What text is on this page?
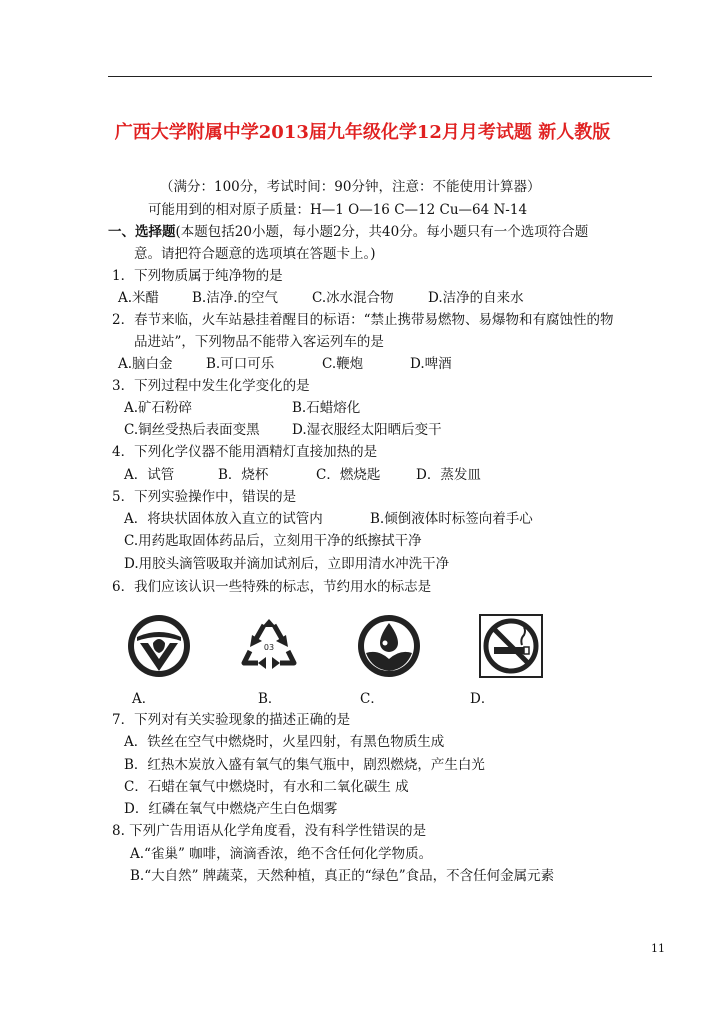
广西大学附属中学2013届九年级化学12月月考试题 新人教版
（满分：100分，考试时间：90分钟，注意：不能使用计算器）
可能用到的相对原子质量：H—1 O—16 C—12 Cu—64 N-14
一、选择题(本题包括20小题，每小题2分，共40分。每小题只有一个选项符合题
意。请把符合题意的选项填在答题卡上。)
1．下列物质属于纯净物的是
A.米醋 B.洁净.的空气	C.冰水混合物	D.洁净的自来水
2．春节来临，火车站悬挂着醒目的标语：“禁止携带易燃物、易爆物和有腐蚀性的物
品进站”，下列物品不能带入客运列车的是
A.脑白金 B.可口可乐	C.鞭炮	D.啤酒
3．下列过程中发生化学变化的是
A.矿石粉碎	B.石蜡熔化
C.铜丝受热后表面变黑 D.湿衣服经太阳晒后变干
4．下列化学仪器不能用酒精灯直接加热的是
A．试管	B．烧杯	C．燃烧匙	D．蒸发皿
5．下列实验操作中，错误的是
A．将块状固体放入直立的试管内	B.倾倒液体时标签向着手心
C.用药匙取固体药品后，立刻用干净的纸擦拭干净
D.用胶头滴管吸取并滴加试剂后，立即用清水冲洗干净
6．我们应该认识一些特殊的标志，节约用水的标志是
03
A．	B．	C．	D．
7．下列对有关实验现象的描述正确的是
A．铁丝在空气中燃烧时，火星四射，有黑色物质生成
B．红热木炭放入盛有氧气的集气瓶中，剧烈燃烧，产生白光
C．石蜡在氧气中燃烧时，有水和二氧化碳生 成
D．红磷在氧气中燃烧产生白色烟雾
8. 下列广告用语从化学角度看，没有科学性错误的是
A.“雀巢” 咖啡，滴滴香浓，绝不含任何化学物质。
B.“大自然” 牌蔬菜，天然种植，真正的“绿色”食品，不含任何金属元素
11
